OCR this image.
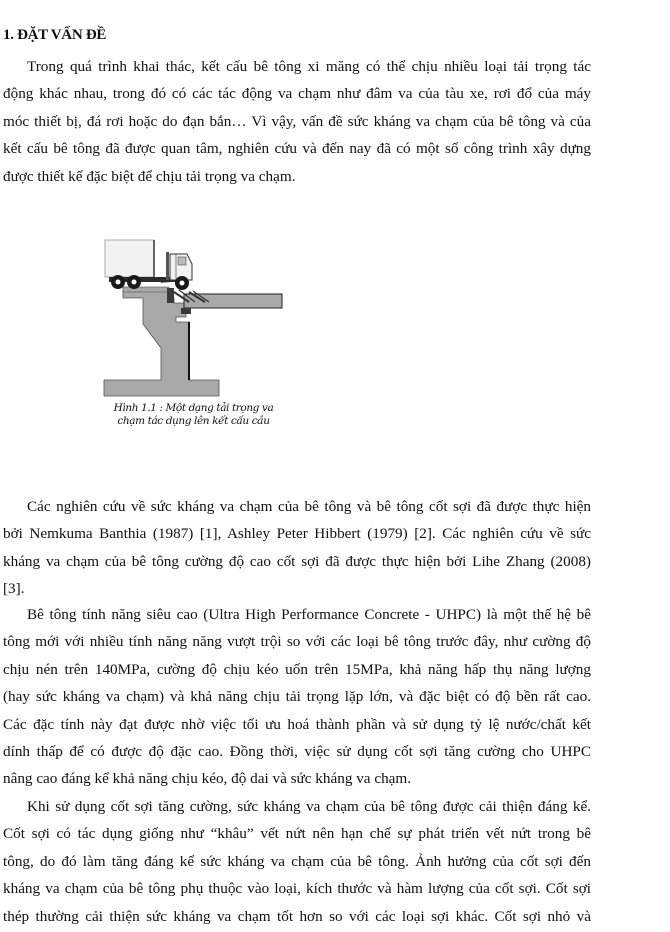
1. ĐẶT VẤN ĐỀ
Trong quá trình khai thác, kết cấu bê tông xi măng có thể chịu nhiều loại tải trọng tác
động khác nhau, trong đó có các tác động va chạm như đâm va của tàu xe, rơi đổ của máy
móc thiết bị, đá rơi hoặc do đạn bắn… Vì vậy, vấn đề sức kháng va chạm của bê tông và của
kết cấu bê tông đã được quan tâm, nghiên cứu và đến nay đã có một số công trình xây dựng
được thiết kế đặc biệt để chịu tải trọng va chạm.
Hình 1.1 : Một dạng tải trọng va
chạm tác dụng lên kết cấu cầu
Các nghiên cứu về sức kháng va chạm của bê tông và bê tông cốt sợi đã được thực hiện
bởi Nemkuma Banthia (1987) [1], Ashley Peter Hibbert (1979) [2]. Các nghiên cứu về sức
kháng va chạm của bê tông cường độ cao cốt sợi đã được thực hiện bởi Lihe Zhang (2008)
[3].
Bê tông tính năng siêu cao (Ultra High Performance Concrete - UHPC) là một thế hệ bê
tông mới với nhiều tính năng năng vượt trội so với các loại bê tông trước đây, như cường độ
chịu nén trên 140MPa, cường độ chịu kéo uốn trên 15MPa, khả năng hấp thụ năng lượng
(hay sức kháng va chạm) và khả năng chịu tải trọng lặp lớn, và đặc biệt có độ bền rất cao.
Các đặc tính này đạt được nhờ việc tối ưu hoá thành phần và sử dụng tỷ lệ nước/chất kết
dính thấp để có được độ đặc cao. Đồng thời, việc sử dụng cốt sợi tăng cường cho UHPC
nâng cao đáng kể khả năng chịu kéo, độ dai và sức kháng va chạm.
Khi sử dụng cốt sợi tăng cường, sức kháng va chạm của bê tông được cải thiện đáng kể.
Cốt sợi có tác dụng giống như “khâu” vết nứt nên hạn chế sự phát triển vết nứt trong bê
tông, do đó làm tăng đáng kể sức kháng va chạm của bê tông. Ảnh hưởng của cốt sợi đến
kháng va chạm của bê tông phụ thuộc vào loại, kích thước và hàm lượng của cốt sợi. Cốt sợi
thép thường cải thiện sức kháng va chạm tốt hơn so với các loại sợi khác. Cốt sợi nhỏ và
